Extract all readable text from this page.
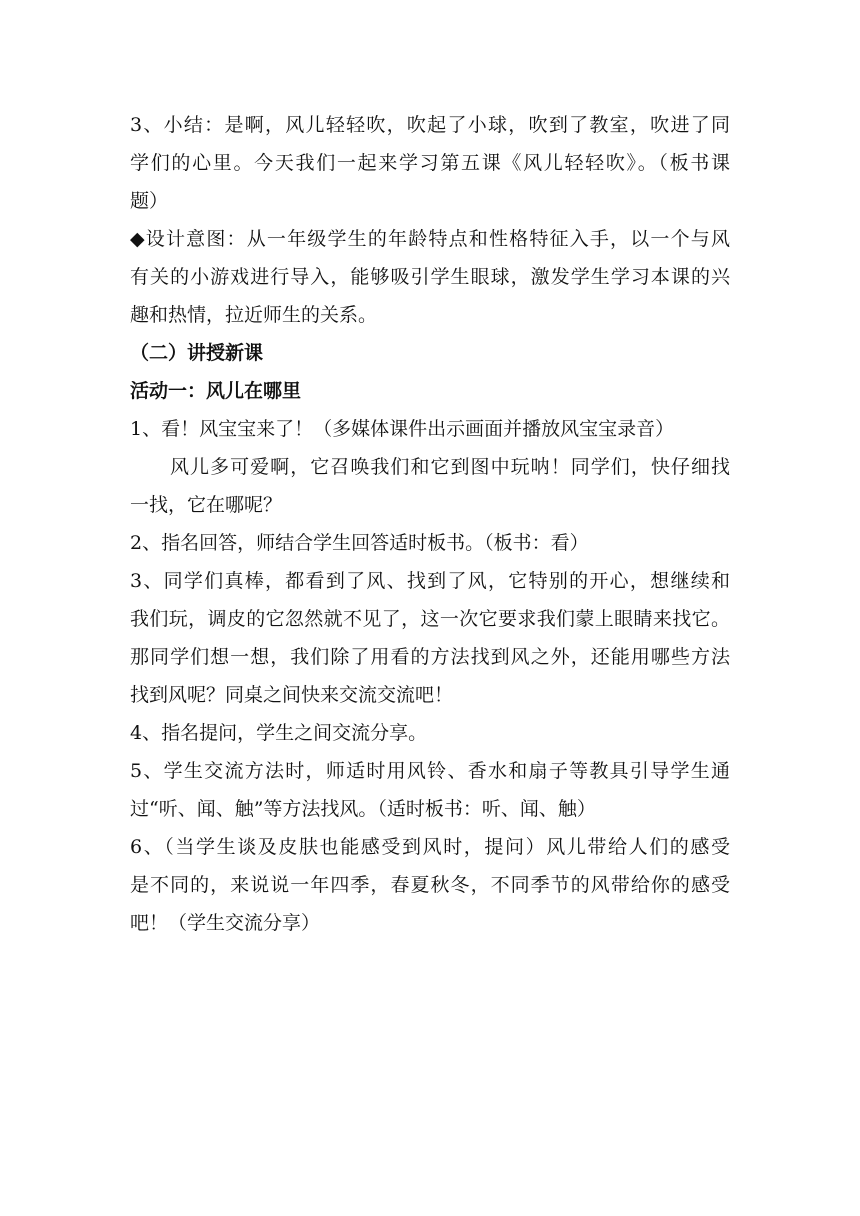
3、小结：是啊，风儿轻轻吹，吹起了小球，吹到了教室，吹进了同
学们的心里。今天我们一起来学习第五课《风儿轻轻吹》。（板书课
题）
◆设计意图：从一年级学生的年龄特点和性格特征入手，以一个与风
有关的小游戏进行导入，能够吸引学生眼球，激发学生学习本课的兴
趣和热情，拉近师生的关系。
（二）讲授新课
活动一：风儿在哪里
1、看！风宝宝来了！（多媒体课件出示画面并播放风宝宝录音）
风儿多可爱啊，它召唤我们和它到图中玩呐！同学们，快仔细找
一找，它在哪呢？
2、指名回答，师结合学生回答适时板书。（板书：看）
3、同学们真棒，都看到了风、找到了风，它特别的开心，想继续和
我们玩，调皮的它忽然就不见了，这一次它要求我们蒙上眼睛来找它。
那同学们想一想，我们除了用看的方法找到风之外，还能用哪些方法
找到风呢？同桌之间快来交流交流吧！
4、指名提问，学生之间交流分享。
5、学生交流方法时，师适时用风铃、香水和扇子等教具引导学生通
过“听、闻、触”等方法找风。（适时板书：听、闻、触）
6、（当学生谈及皮肤也能感受到风时，提问）风儿带给人们的感受
是不同的，来说说一年四季，春夏秋冬，不同季节的风带给你的感受
吧！（学生交流分享）
